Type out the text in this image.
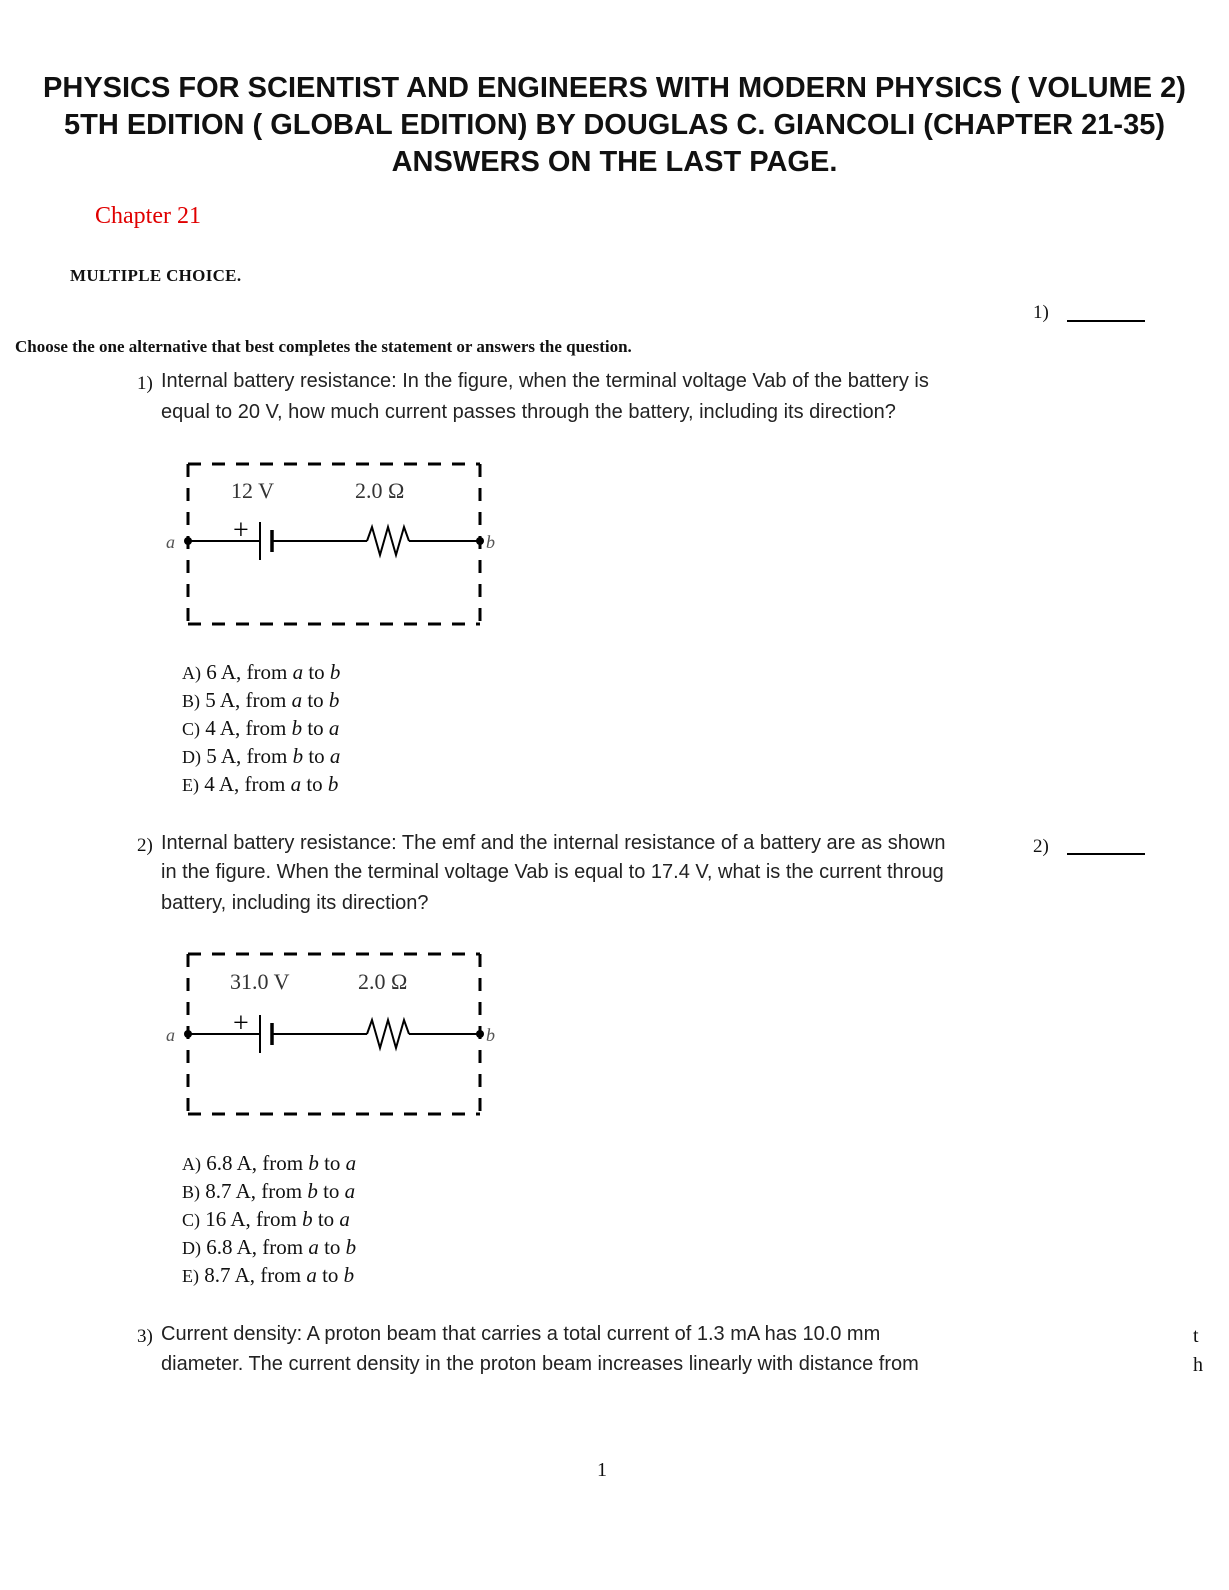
PHYSICS FOR SCIENTIST AND ENGINEERS WITH MODERN PHYSICS ( VOLUME 2)
5TH EDITION ( GLOBAL EDITION) BY DOUGLAS C. GIANCOLI (CHAPTER 21-35)
ANSWERS ON THE LAST PAGE.
Chapter 21
MULTIPLE CHOICE.
1)
Choose the one alternative that best completes the statement or answers the question.
1) Internal battery resistance: In the figure, when the terminal voltage Vab of the battery is
equal to 20 V, how much current passes through the battery, including its direction?
12 V	2.0 Ω
+
a	b
A) 6 A, from a to b
B) 5 A, from a to b
C) 4 A, from b to a
D) 5 A, from b to a
E) 4 A, from a to b
2) Internal battery resistance: The emf and the internal resistance of a battery are as shown
in the figure. When the terminal voltage Vab is equal to 17.4 V, what is the current throug
battery, including its direction?
2)
31.0 V	2.0 Ω
+
a	b
A) 6.8 A, from b to a
B) 8.7 A, from b to a
C) 16 A, from b to a
D) 6.8 A, from a to b
E) 8.7 A, from a to b
3) Current density: A proton beam that carries a total current of 1.3 mA has 10.0 mm
diameter. The current density in the proton beam increases linearly with distance from
t
h
1
